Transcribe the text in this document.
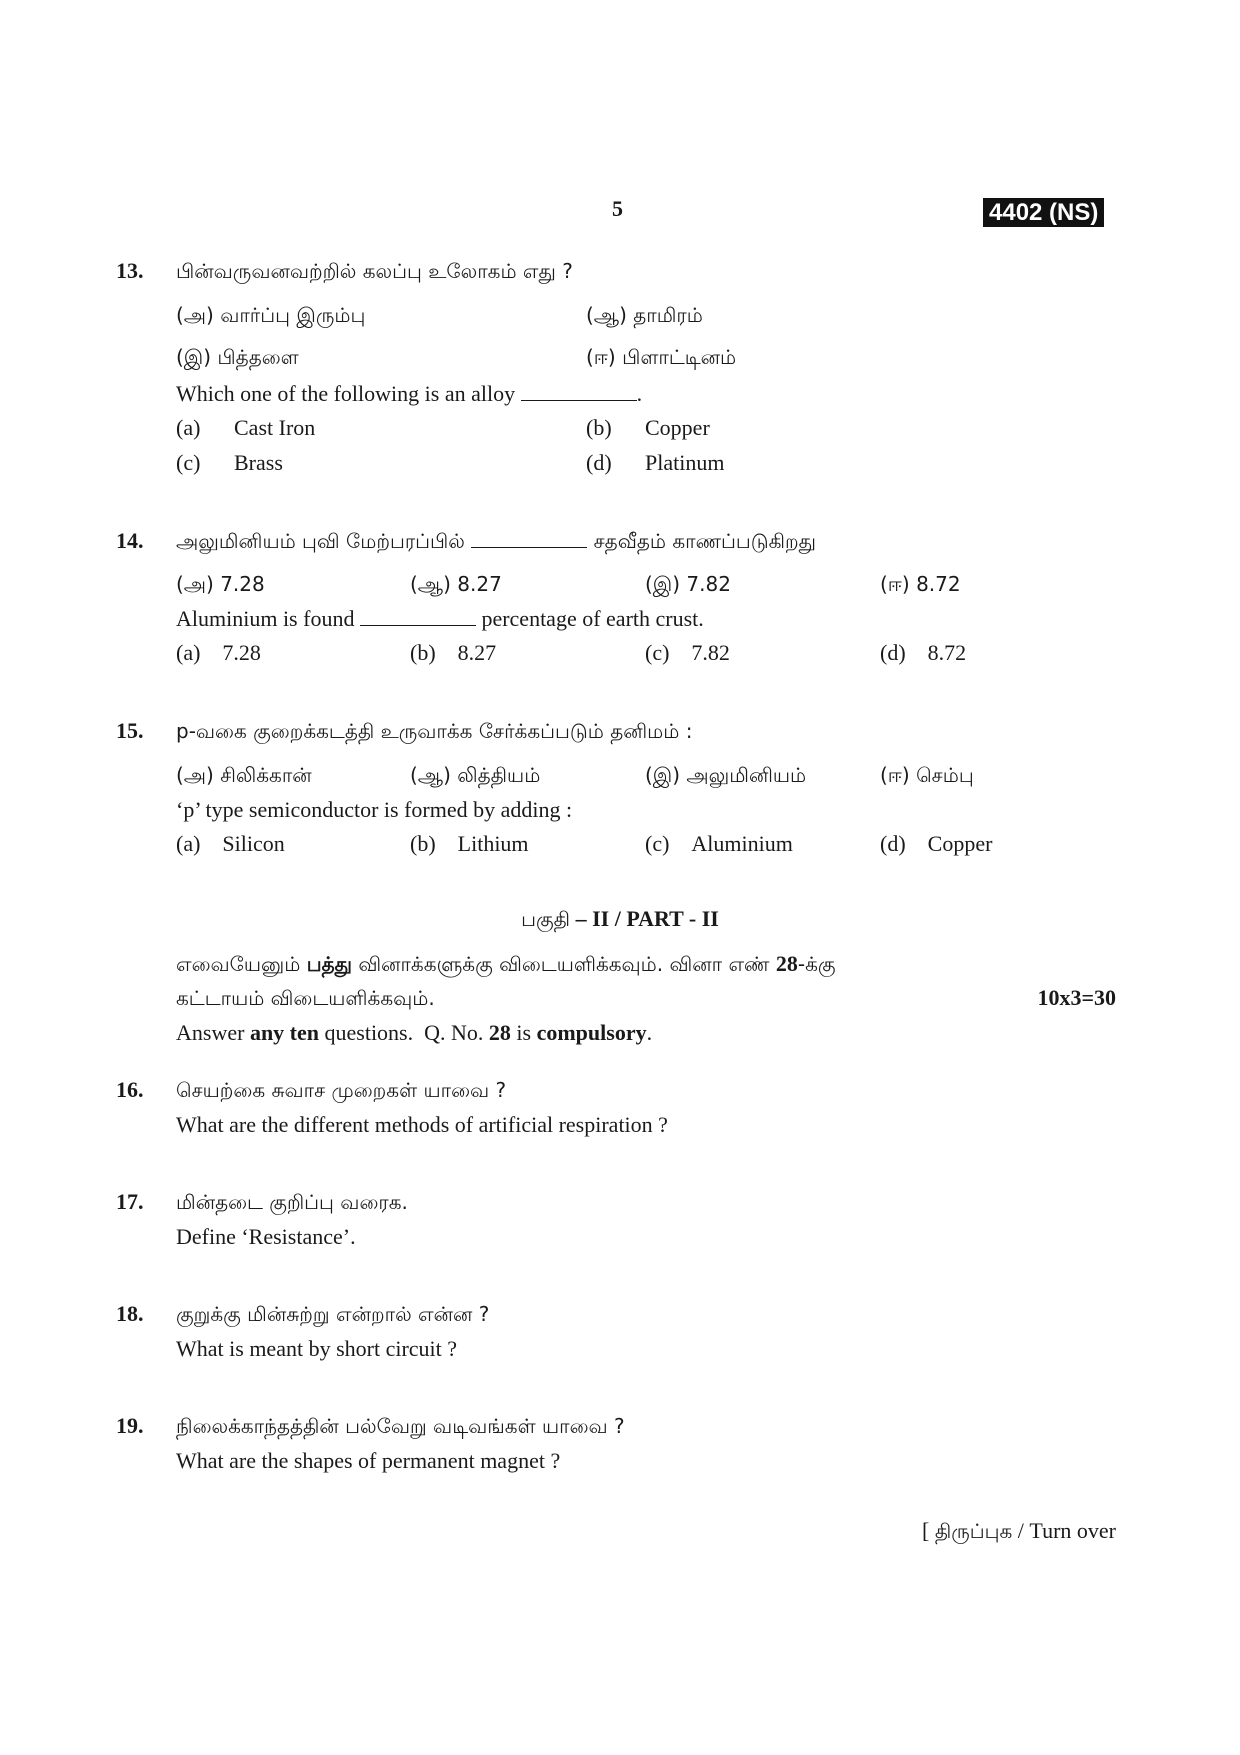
5	4402 (NS)
13. பின்வருவனவற்றில் கலப்பு உலோகம் எது ?
(அ) வார்ப்பு இரும்பு	(ஆ) தாமிரம்
(இ) பித்தளை	(ஈ) பிளாட்டினம்
Which one of the following is an alloy	.
(a) Cast Iron	(b) Copper
(c) Brass	(d) Platinum
14. அலுமினியம் புவி மேற்பரப்பில்	சதவீதம் காணப்படுகிறது
(அ) 7.28	(ஆ) 8.27	(இ) 7.82	(ஈ) 8.72
Aluminium is found	percentage of earth crust.
(a) 7.28	(b) 8.27	(c) 7.82	(d) 8.72
15. p-வகை குறைக்கடத்தி உருவாக்க சேர்க்கப்படும் தனிமம் :
(அ) சிலிக்கான்	(ஆ) லித்தியம்	(இ) அலுமினியம்	(ஈ) செம்பு
‘p’ type semiconductor is formed by adding :
(a) Silicon	(b) Lithium	(c) Aluminium	(d) Copper
பகுதி – II / PART - II
எவையேனும் பத்து வினாக்களுக்கு விடையளிக்கவும். வினா எண் 28-க்கு
கட்டாயம் விடையளிக்கவும்.	10x3=30
Answer any ten questions.  Q. No. 28 is compulsory.
16. செயற்கை சுவாச முறைகள் யாவை ?
What are the different methods of artificial respiration ?
17. மின்தடை குறிப்பு வரைக.
Define ‘Resistance’.
18. குறுக்கு மின்சுற்று என்றால் என்ன ?
What is meant by short circuit ?
19. நிலைக்காந்தத்தின் பல்வேறு வடிவங்கள் யாவை ?
What are the shapes of permanent magnet ?
[ திருப்புக / Turn over
